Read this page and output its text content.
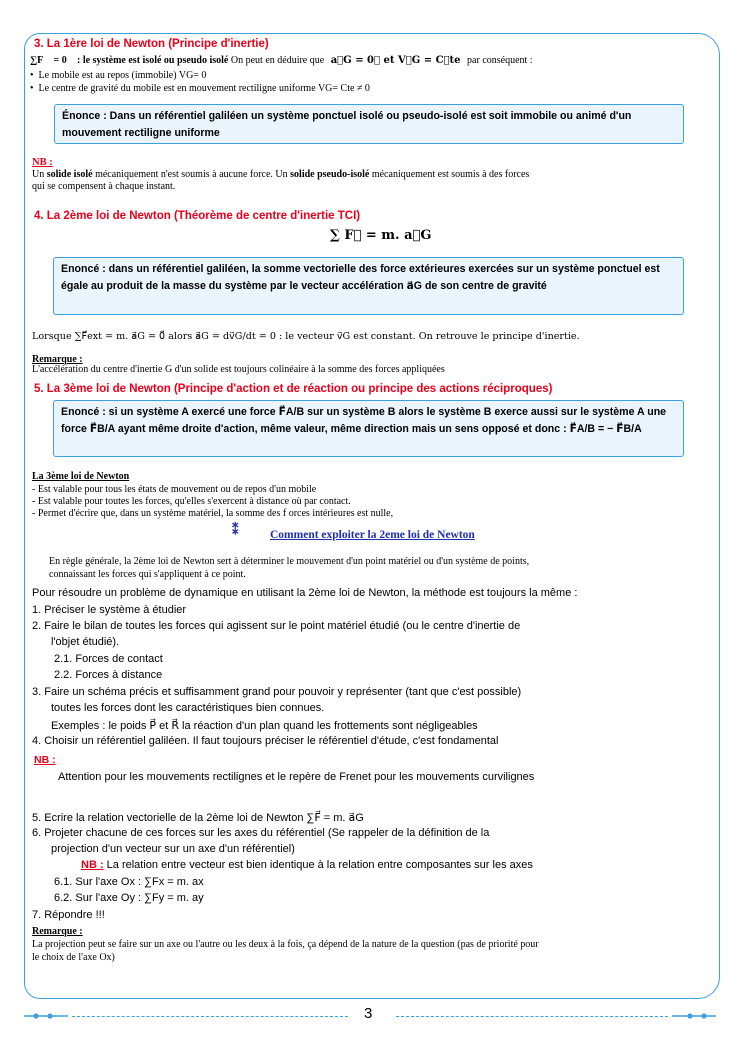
3. La 1ère loi de Newton (Principe d'inertie)
∑F⃗ = 0⃗ : le système est isolé ou pseudo isolé On peut en déduire que a⃗G = 0⃗ et V⃗G = C⃗te par conséquent :
•  Le mobile est au repos (immobile) VG= 0
•  Le centre de gravité du mobile est en mouvement rectiligne uniforme VG= Cte ≠ 0
Énonce : Dans un référentiel galiléen un système ponctuel isolé ou pseudo-isolé est soit immobile ou animé d'un mouvement rectiligne uniforme
NB :
Un solide isolé mécaniquement n'est soumis à aucune force. Un solide pseudo-isolé mécaniquement est soumis à des forces
qui se compensent à chaque instant.
4. La 2ème loi de Newton (Théorème de centre d'inertie TCI)
∑ F⃗ = m. a⃗G
Enoncé : dans un référentiel galiléen, la somme vectorielle des force extérieures exercées sur un système ponctuel est égale au produit de la masse du système par le vecteur accélération a⃗G de son centre de gravité
Lorsque ∑F⃗ext = m. a⃗G = 0⃗ alors a⃗G = dv⃗G/dt = 0 : le vecteur v⃗G est constant. On retrouve le principe d'inertie.
Remarque :
L'accélération du centre d'inertie G d'un solide est toujours colinéaire à la somme des forces appliquées
5. La 3ème loi de Newton (Principe d'action et de réaction ou principe des actions réciproques)
Enoncé : si un système A exercé une force F⃗A/B sur un système B alors le système B exerce aussi sur le système A une force F⃗B/A ayant même droite d'action, même valeur, même direction mais un sens opposé et donc : F⃗A/B = − F⃗B/A
La 3ème loi de Newton
- Est valable pour tous les états de mouvement ou de repos d'un mobile
- Est valable pour toutes les forces, qu'elles s'exercent à distance où par contact.
- Permet d'écrire que, dans un système matériel, la somme des f orces intérieures est nulle,
⁑	Comment exploiter la 2eme loi de Newton
En règle générale, la 2ème loi de Newton sert à déterminer le mouvement d'un point matériel ou d'un système de points,
connaissant les forces qui s'appliquent à ce point.
Pour résoudre un problème de dynamique en utilisant la 2ème loi de Newton, la méthode est toujours la même :
1. Préciser le système à étudier
2. Faire le bilan de toutes les forces qui agissent sur le point matériel étudié (ou le centre d'inertie de
l'objet étudié).
2.1. Forces de contact
2.2. Forces à distance
3. Faire un schéma précis et suffisamment grand pour pouvoir y représenter (tant que c'est possible)
toutes les forces dont les caractéristiques bien connues.
Exemples : le poids P⃗ et R⃗ la réaction d'un plan quand les frottements sont négligeables
4. Choisir un référentiel galiléen. Il faut toujours préciser le référentiel d'étude, c'est fondamental
NB :
Attention pour les mouvements rectilignes et le repère de Frenet pour les mouvements curvilignes
5. Ecrire la relation vectorielle de la 2ème loi de Newton ∑F⃗ = m. a⃗G
6. Projeter chacune de ces forces sur les axes du référentiel (Se rappeler de la définition de la
projection d'un vecteur sur un axe d'un référentiel)
NB : La relation entre vecteur est bien identique à la relation entre composantes sur les axes
6.1. Sur l'axe Ox : ∑Fx = m. ax
6.2. Sur l'axe Oy : ∑Fy = m. ay
7. Répondre !!!
Remarque :
La projection peut se faire sur un axe ou l'autre ou les deux à la fois, ça dépend de la nature de la question (pas de priorité pour
le choix de l'axe Ox)
3
